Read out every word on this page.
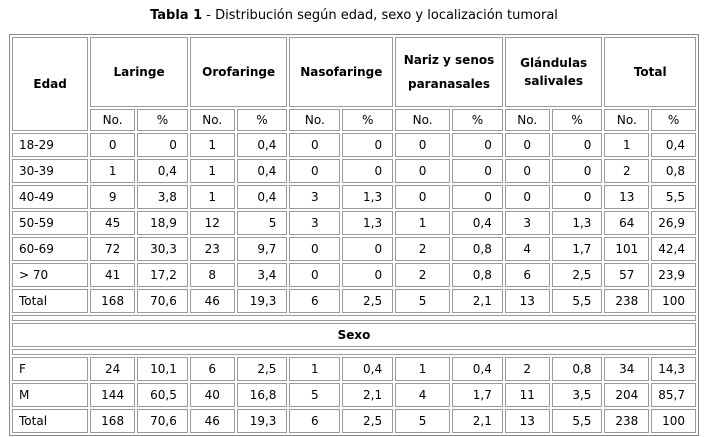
Tabla 1 - Distribución según edad, sexo y localización tumoral
Edad	Laringe		Orofaringe		Nasofaringe		Nariz y senos paranasales		Glándulas salivales		Total	
	No.	%	No.	%	No.	%	No.	%	No.	%	No.	%
18-29	0	0	1	0,4	0	0	0	0	0	0	1	0,4
30-39	1	0,4	1	0,4	0	0	0	0	0	0	2	0,8
40-49	9	3,8	1	0,4	3	1,3	0	0	0	0	13	5,5
50-59	45	18,9	12	5	3	1,3	1	0,4	3	1,3	64	26,9
60-69	72	30,3	23	9,7	0	0	2	0,8	4	1,7	101	42,4
> 70	41	17,2	8	3,4	0	0	2	0,8	6	2,5	57	23,9
Total	168	70,6	46	19,3	6	2,5	5	2,1	13	5,5	238	100

Sexo												

F	24	10,1	6	2,5	1	0,4	1	0,4	2	0,8	34	14,3
M	144	60,5	40	16,8	5	2,1	4	1,7	11	3,5	204	85,7
Total	168	70,6	46	19,3	6	2,5	5	2,1	13	5,5	238	100
